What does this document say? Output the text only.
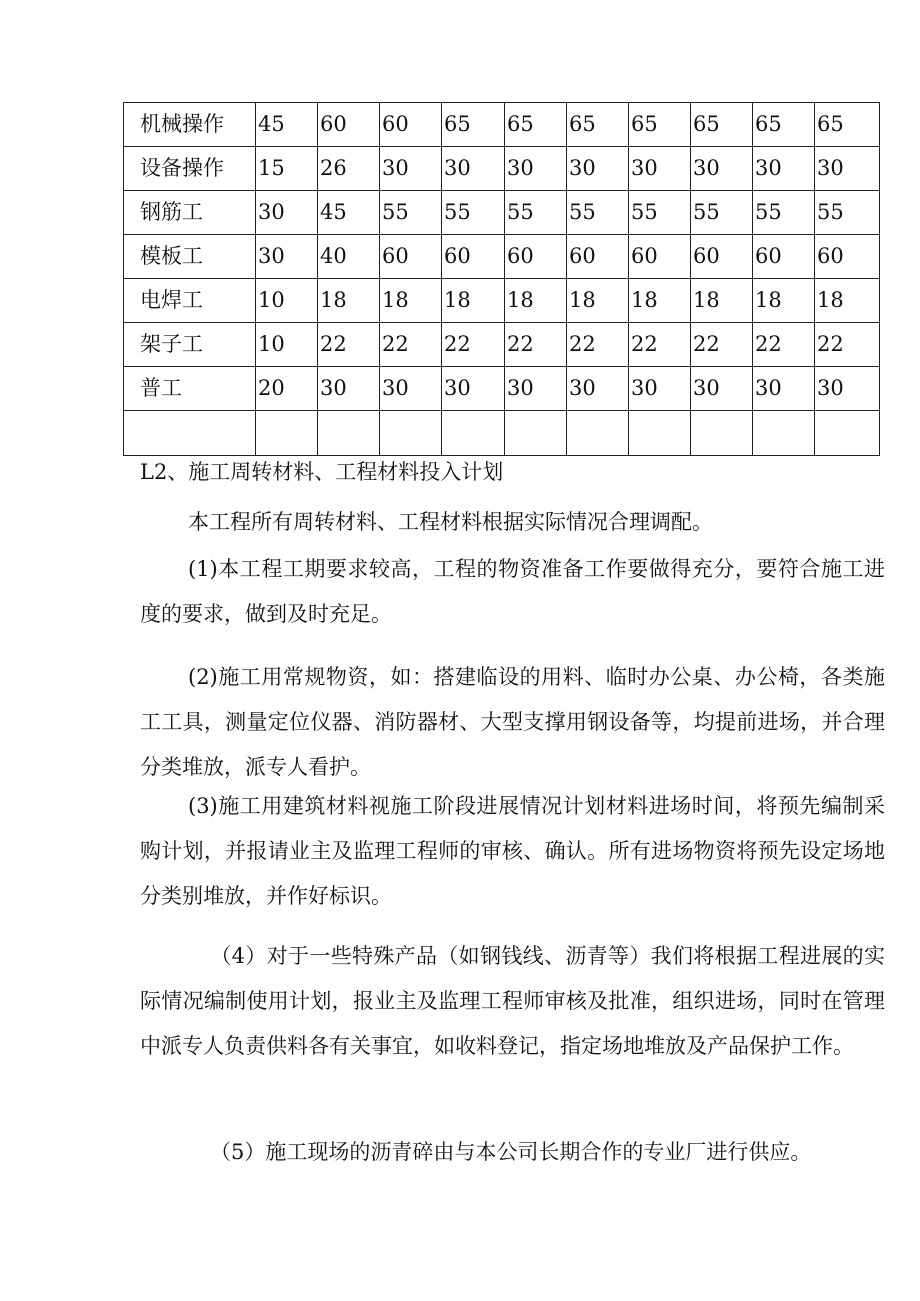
机械操作	45	60	60	65	65	65	65	65	65	65
设备操作	15	26	30	30	30	30	30	30	30	30
钢筋工	30	45	55	55	55	55	55	55	55	55
模板工	30	40	60	60	60	60	60	60	60	60
电焊工	10	18	18	18	18	18	18	18	18	18
架子工	10	22	22	22	22	22	22	22	22	22
普工	20	30	30	30	30	30	30	30	30	30

L2、施工周转材料、工程材料投入计划

本工程所有周转材料、工程材料根据实际情况合理调配。

(1)本工程工期要求较高，工程的物资准备工作要做得充分，要符合施工进度的要求，做到及时充足。

(2)施工用常规物资，如：搭建临设的用料、临时办公桌、办公椅，各类施工工具，测量定位仪器、消防器材、大型支撑用钢设备等，均提前进场，并合理分类堆放，派专人看护。

(3)施工用建筑材料视施工阶段进展情况计划材料进场时间，将预先编制采购计划，并报请业主及监理工程师的审核、确认。所有进场物资将预先设定场地分类别堆放，并作好标识。

（4）对于一些特殊产品（如钢钱线、沥青等）我们将根据工程进展的实际情况编制使用计划，报业主及监理工程师审核及批准，组织进场，同时在管理中派专人负责供料各有关事宜，如收料登记，指定场地堆放及产品保护工作。

（5）施工现场的沥青碎由与本公司长期合作的专业厂进行供应。
